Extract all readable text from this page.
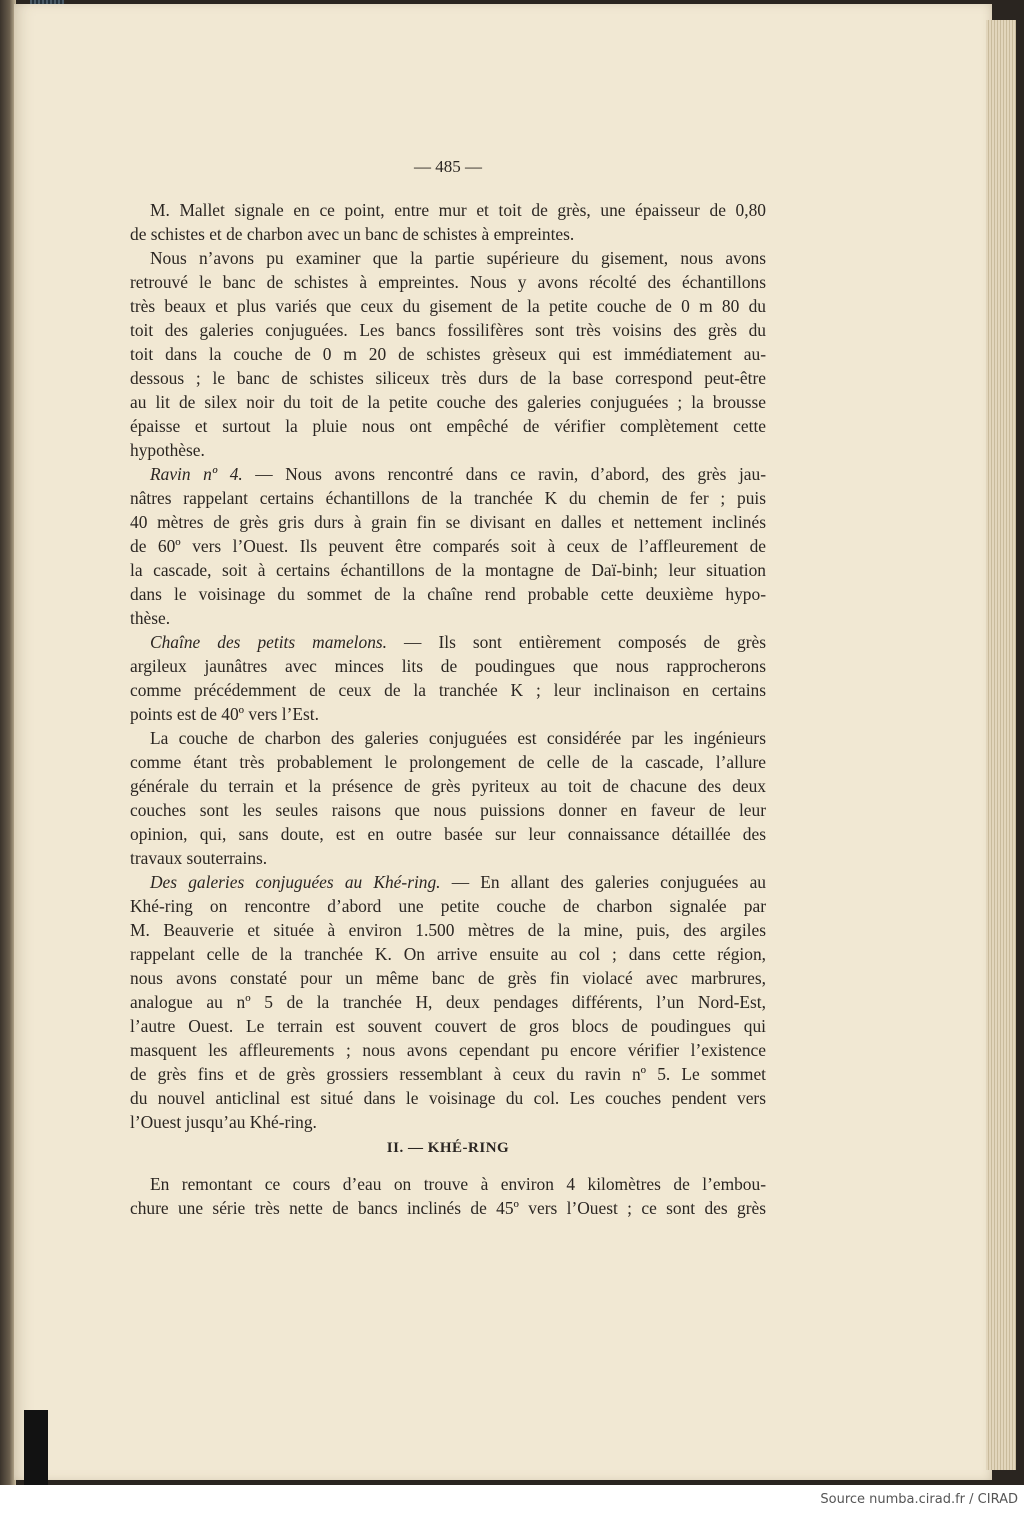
— 485 —
M. Mallet signale en ce point, entre mur et toit de grès, une épaisseur de 0,80
de schistes et de charbon avec un banc de schistes à empreintes.
Nous n’avons pu examiner que la partie supérieure du gisement, nous avons
retrouvé le banc de schistes à empreintes. Nous y avons récolté des échantillons
très beaux et plus variés que ceux du gisement de la petite couche de 0 m 80 du
toit des galeries conjuguées. Les bancs fossilifères sont très voisins des grès du
toit dans la couche de 0 m 20 de schistes grèseux qui est immédiatement au-
dessous ; le banc de schistes siliceux très durs de la base correspond peut-être
au lit de silex noir du toit de la petite couche des galeries conjuguées ; la brousse
épaisse et surtout la pluie nous ont empêché de vérifier complètement cette
hypothèse.
Ravin nº 4. — Nous avons rencontré dans ce ravin, d’abord, des grès jau-
nâtres rappelant certains échantillons de la tranchée K du chemin de fer ; puis
40 mètres de grès gris durs à grain fin se divisant en dalles et nettement inclinés
de 60º vers l’Ouest. Ils peuvent être comparés soit à ceux de l’affleurement de
la cascade, soit à certains échantillons de la montagne de Daï-binh; leur situation
dans le voisinage du sommet de la chaîne rend probable cette deuxième hypo-
thèse.
Chaîne des petits mamelons. — Ils sont entièrement composés de grès
argileux jaunâtres avec minces lits de poudingues que nous rapprocherons
comme précédemment de ceux de la tranchée K ; leur inclinaison en certains
points est de 40º vers l’Est.
La couche de charbon des galeries conjuguées est considérée par les ingénieurs
comme étant très probablement le prolongement de celle de la cascade, l’allure
générale du terrain et la présence de grès pyriteux au toit de chacune des deux
couches sont les seules raisons que nous puissions donner en faveur de leur
opinion, qui, sans doute, est en outre basée sur leur connaissance détaillée des
travaux souterrains.
Des galeries conjuguées au Khé-ring. — En allant des galeries conjuguées au
Khé-ring on rencontre d’abord une petite couche de charbon signalée par
M. Beauverie et située à environ 1.500 mètres de la mine, puis, des argiles
rappelant celle de la tranchée K. On arrive ensuite au col ; dans cette région,
nous avons constaté pour un même banc de grès fin violacé avec marbrures,
analogue au nº 5 de la tranchée H, deux pendages différents, l’un Nord-Est,
l’autre Ouest. Le terrain est souvent couvert de gros blocs de poudingues qui
masquent les affleurements ; nous avons cependant pu encore vérifier l’existence
de grès fins et de grès grossiers ressemblant à ceux du ravin nº 5. Le sommet
du nouvel anticlinal est situé dans le voisinage du col. Les couches pendent vers
l’Ouest jusqu’au Khé-ring.
II. — KHÉ-RING
En remontant ce cours d’eau on trouve à environ 4 kilomètres de l’embou-
chure une série très nette de bancs inclinés de 45º vers l’Ouest ; ce sont des grès
Source numba.cirad.fr / CIRAD
